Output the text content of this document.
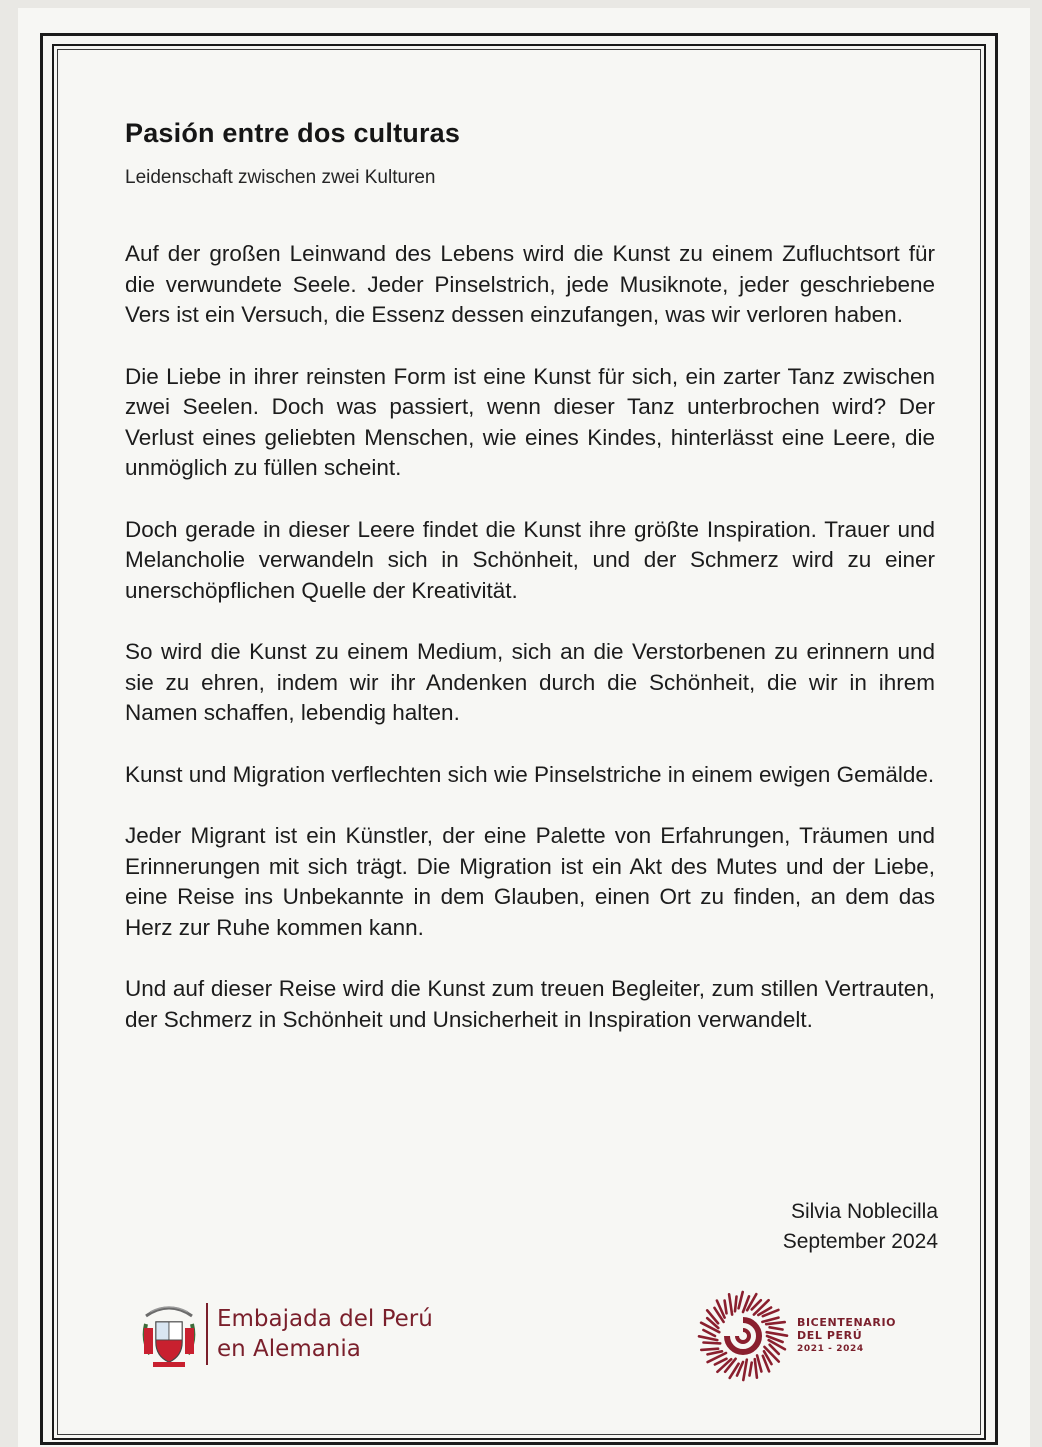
Pasión entre dos culturas

Leidenschaft zwischen zwei Kulturen

Auf der großen Leinwand des Lebens wird die Kunst zu einem Zufluchtsort für die verwundete Seele. Jeder Pinselstrich, jede Musiknote, jeder geschriebene Vers ist ein Versuch, die Essenz dessen einzufangen, was wir verloren haben.

Die Liebe in ihrer reinsten Form ist eine Kunst für sich, ein zarter Tanz zwischen zwei Seelen. Doch was passiert, wenn dieser Tanz unterbrochen wird? Der Verlust eines geliebten Menschen, wie eines Kindes, hinterlässt eine Leere, die unmöglich zu füllen scheint.

Doch gerade in dieser Leere findet die Kunst ihre größte Inspiration. Trauer und Melancholie verwandeln sich in Schönheit, und der Schmerz wird zu einer unerschöpflichen Quelle der Kreativität.

So wird die Kunst zu einem Medium, sich an die Verstorbenen zu erinnern und sie zu ehren, indem wir ihr Andenken durch die Schönheit, die wir in ihrem Namen schaffen, lebendig halten.

Kunst und Migration verflechten sich wie Pinselstriche in einem ewigen Gemälde.

Jeder Migrant ist ein Künstler, der eine Palette von Erfahrungen, Träumen und Erinnerungen mit sich trägt. Die Migration ist ein Akt des Mutes und der Liebe, eine Reise ins Unbekannte in dem Glauben, einen Ort zu finden, an dem das Herz zur Ruhe kommen kann.

Und auf dieser Reise wird die Kunst zum treuen Begleiter, zum stillen Vertrauten, der Schmerz in Schönheit und Unsicherheit in Inspiration verwandelt.

Silvia Noblecilla
September 2024
Embajada del Perú
en Alemania
BICENTENARIO
DEL PERÚ
2021 - 2024
